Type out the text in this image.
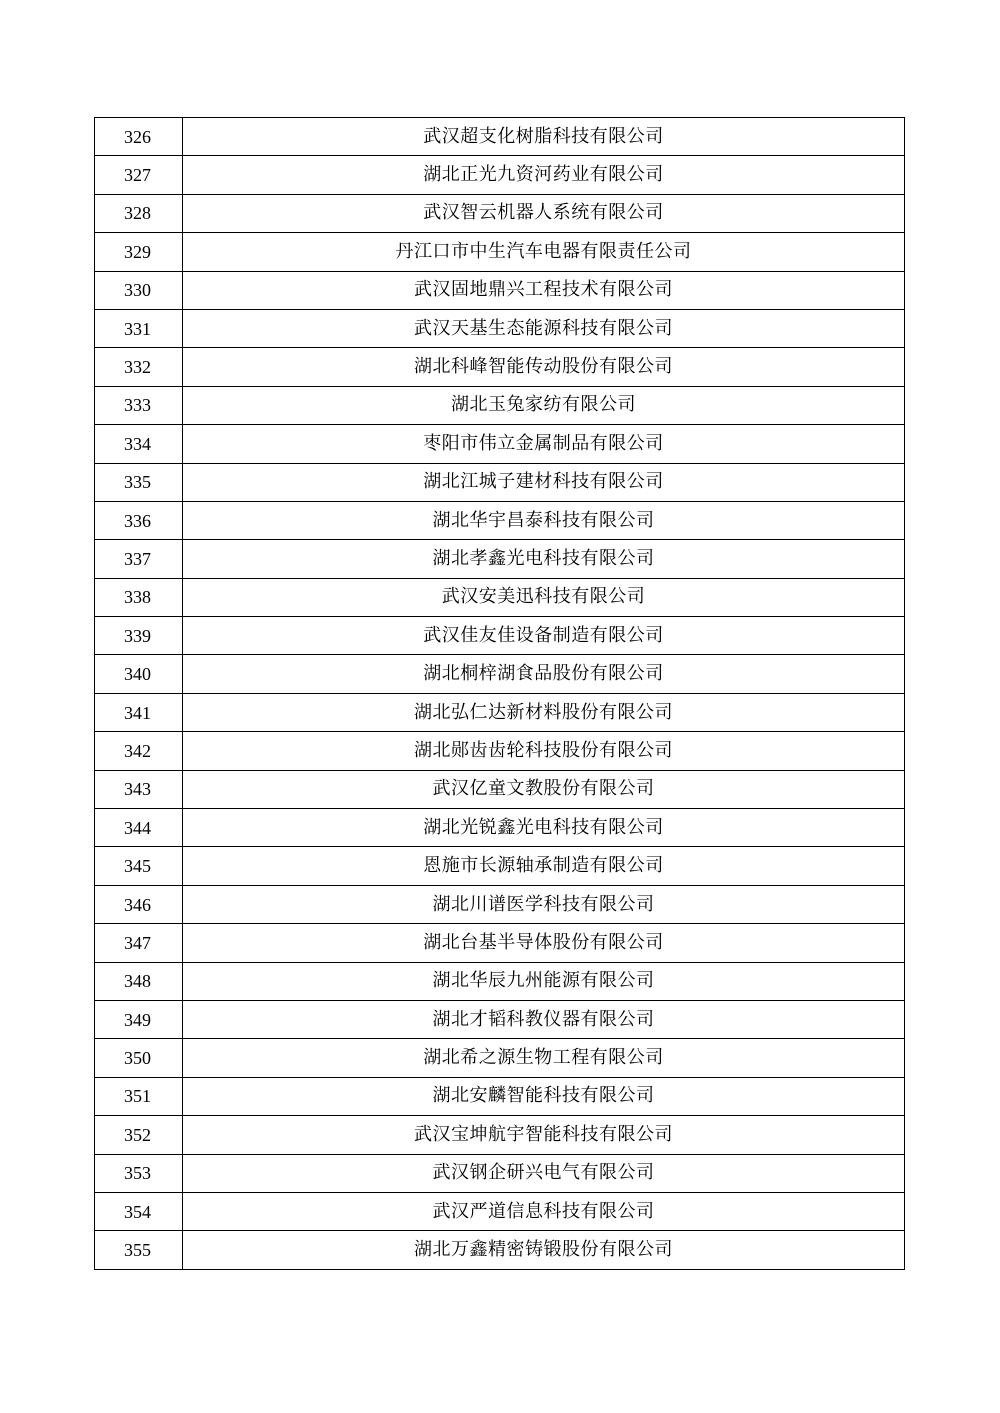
326	武汉超支化树脂科技有限公司
327	湖北正光九资河药业有限公司
328	武汉智云机器人系统有限公司
329	丹江口市中生汽车电器有限责任公司
330	武汉固地鼎兴工程技术有限公司
331	武汉天基生态能源科技有限公司
332	湖北科峰智能传动股份有限公司
333	湖北玉兔家纺有限公司
334	枣阳市伟立金属制品有限公司
335	湖北江城子建材科技有限公司
336	湖北华宇昌泰科技有限公司
337	湖北孝鑫光电科技有限公司
338	武汉安美迅科技有限公司
339	武汉佳友佳设备制造有限公司
340	湖北桐梓湖食品股份有限公司
341	湖北弘仁达新材料股份有限公司
342	湖北郧齿齿轮科技股份有限公司
343	武汉亿童文教股份有限公司
344	湖北光锐鑫光电科技有限公司
345	恩施市长源轴承制造有限公司
346	湖北川谱医学科技有限公司
347	湖北台基半导体股份有限公司
348	湖北华辰九州能源有限公司
349	湖北才韬科教仪器有限公司
350	湖北希之源生物工程有限公司
351	湖北安麟智能科技有限公司
352	武汉宝坤航宇智能科技有限公司
353	武汉钢企研兴电气有限公司
354	武汉严道信息科技有限公司
355	湖北万鑫精密铸锻股份有限公司
